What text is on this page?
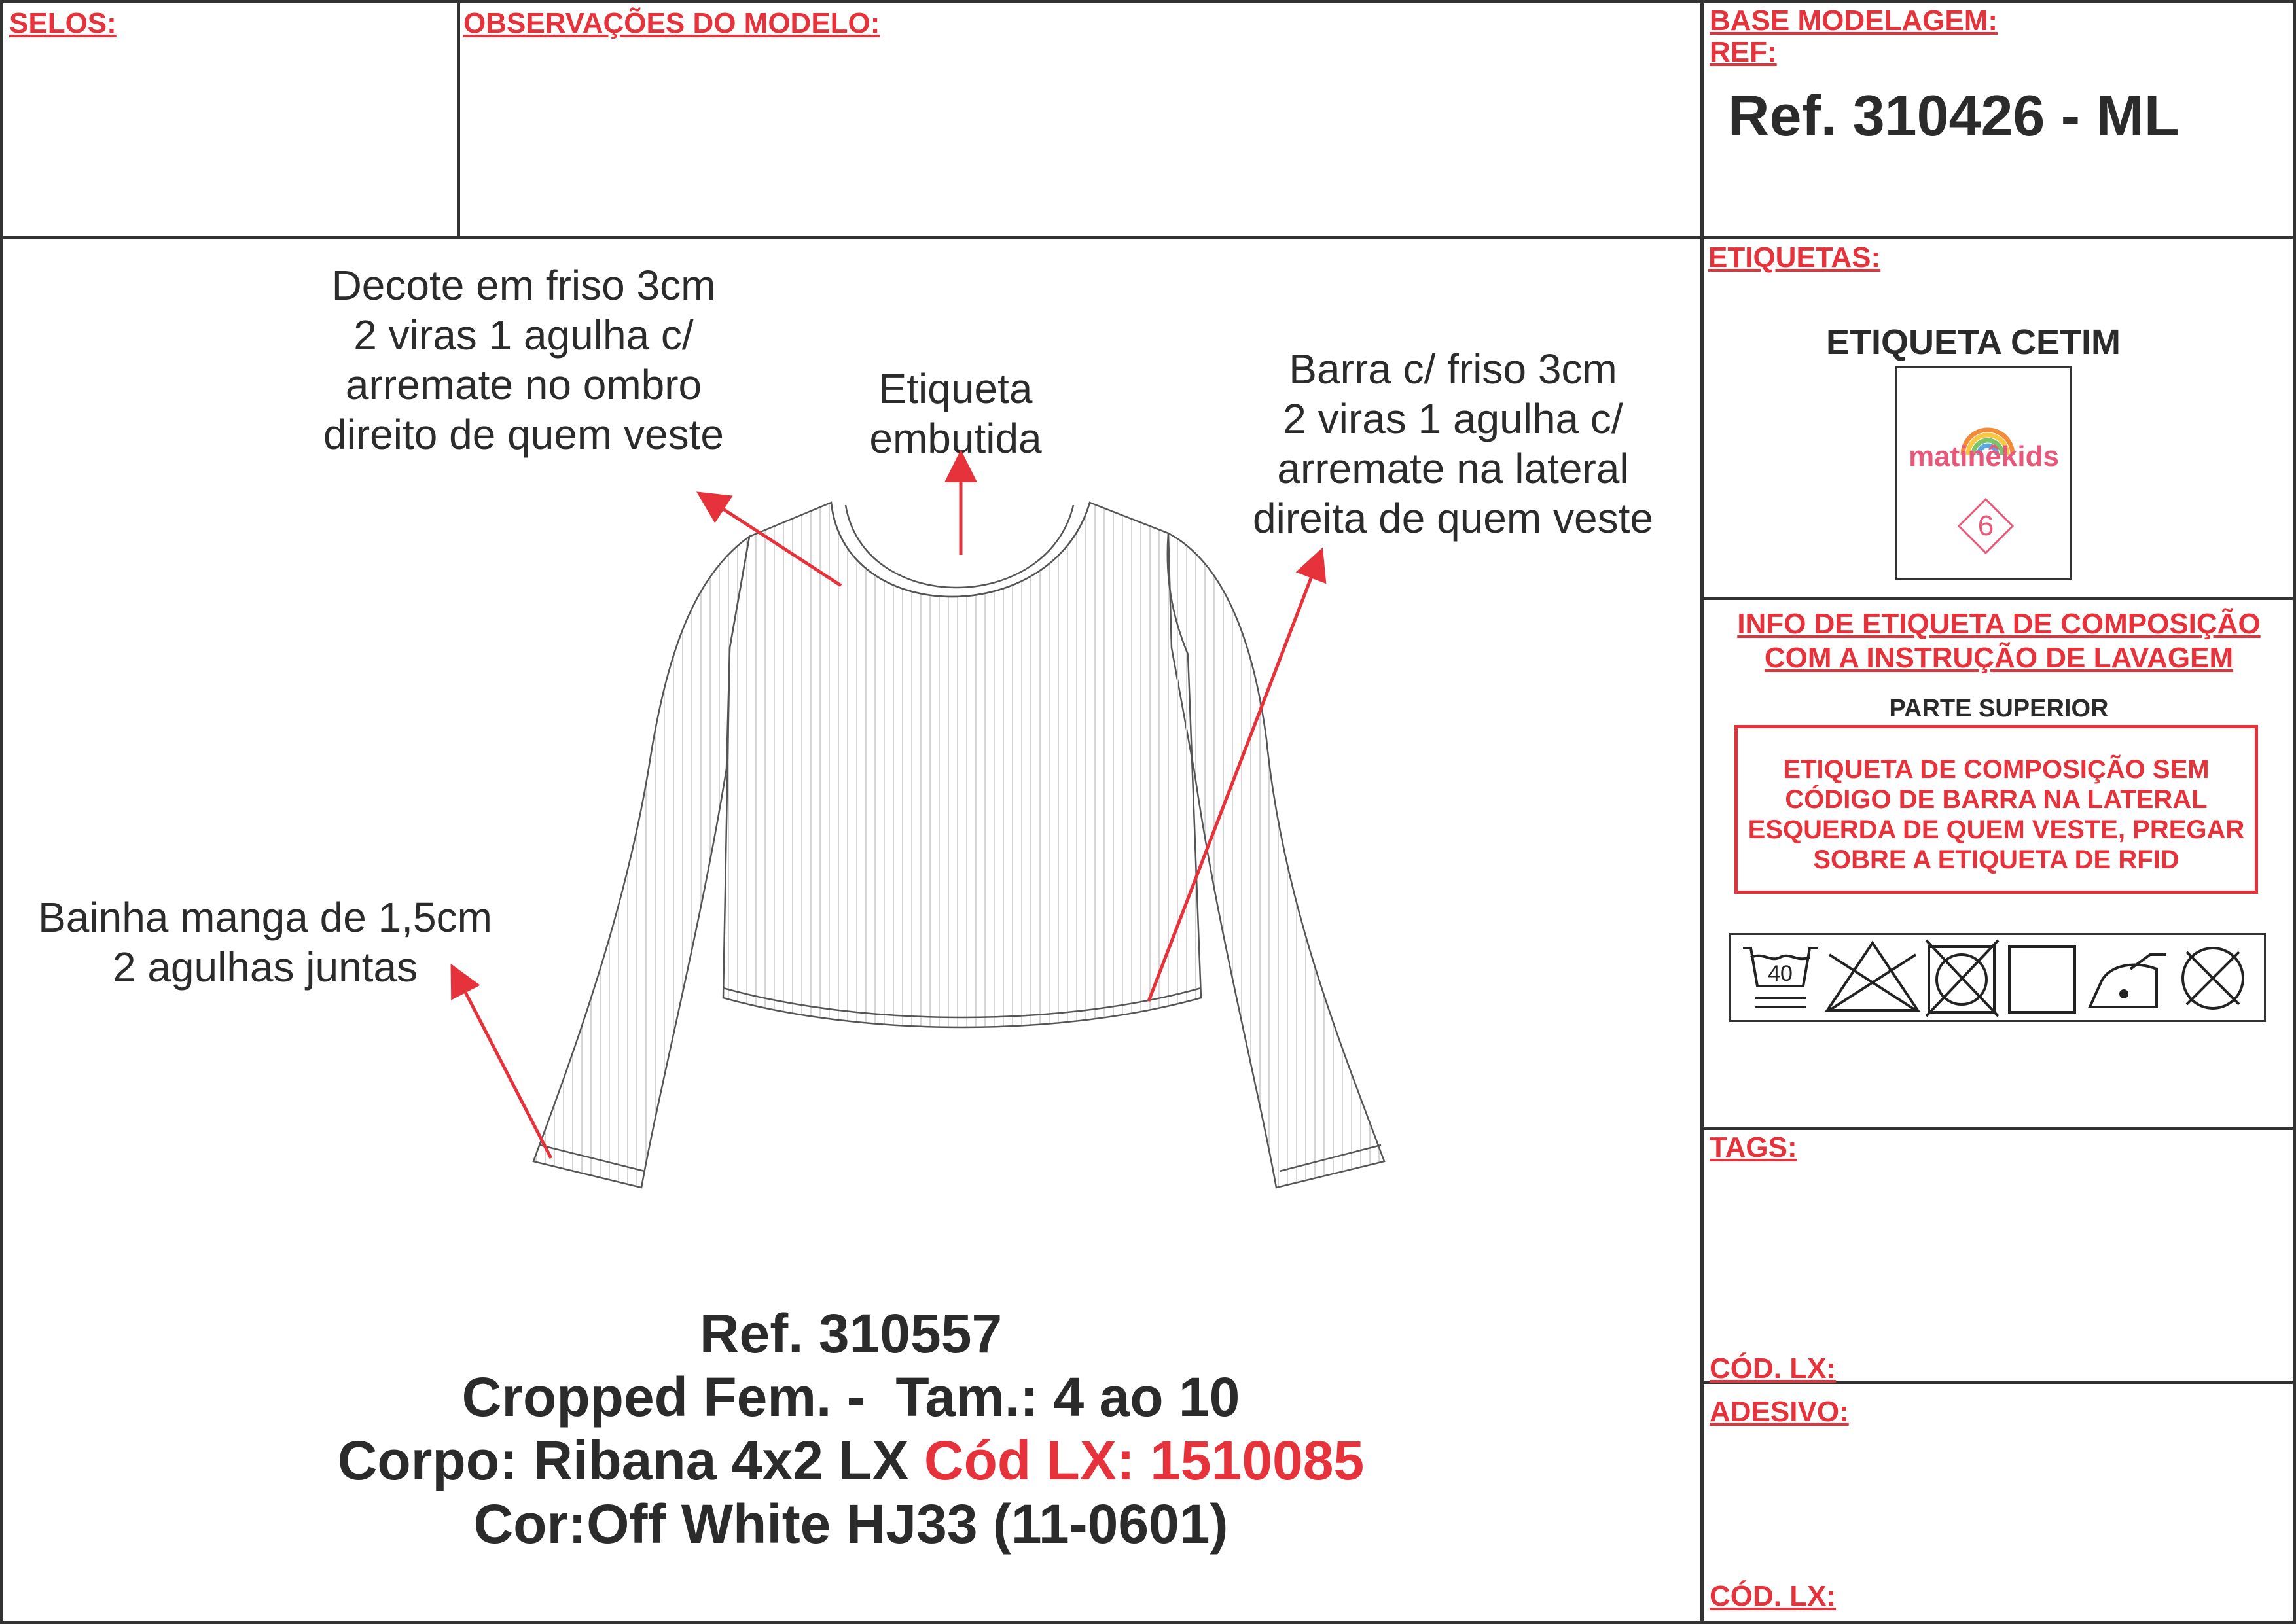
SELOS:	OBSERVAÇÕES DO MODELO:	BASE MODELAGEM:
REF:
Ref. 310426 - ML
Decote em friso 3cm
2 viras 1 agulha c/
arremate no ombro
direito de quem veste
Etiqueta
embutida
Barra c/ friso 3cm
2 viras 1 agulha c/
arremate na lateral
direita de quem veste
Bainha manga de 1,5cm
2 agulhas juntas
Ref. 310557
Cropped Fem. -  Tam.: 4 ao 10
Corpo: Ribana 4x2 LX Cód LX: 1510085
Cor:Off White HJ33 (11-0601)
ETIQUETAS:
ETIQUETA CETIM
matinêkids
6
INFO DE ETIQUETA DE COMPOSIÇÃO
COM A INSTRUÇÃO DE LAVAGEM
PARTE SUPERIOR
ETIQUETA DE COMPOSIÇÃO SEM
CÓDIGO DE BARRA NA LATERAL
ESQUERDA DE QUEM VESTE, PREGAR
SOBRE A ETIQUETA DE RFID
40
TAGS:
CÓD. LX:
ADESIVO:
CÓD. LX:
